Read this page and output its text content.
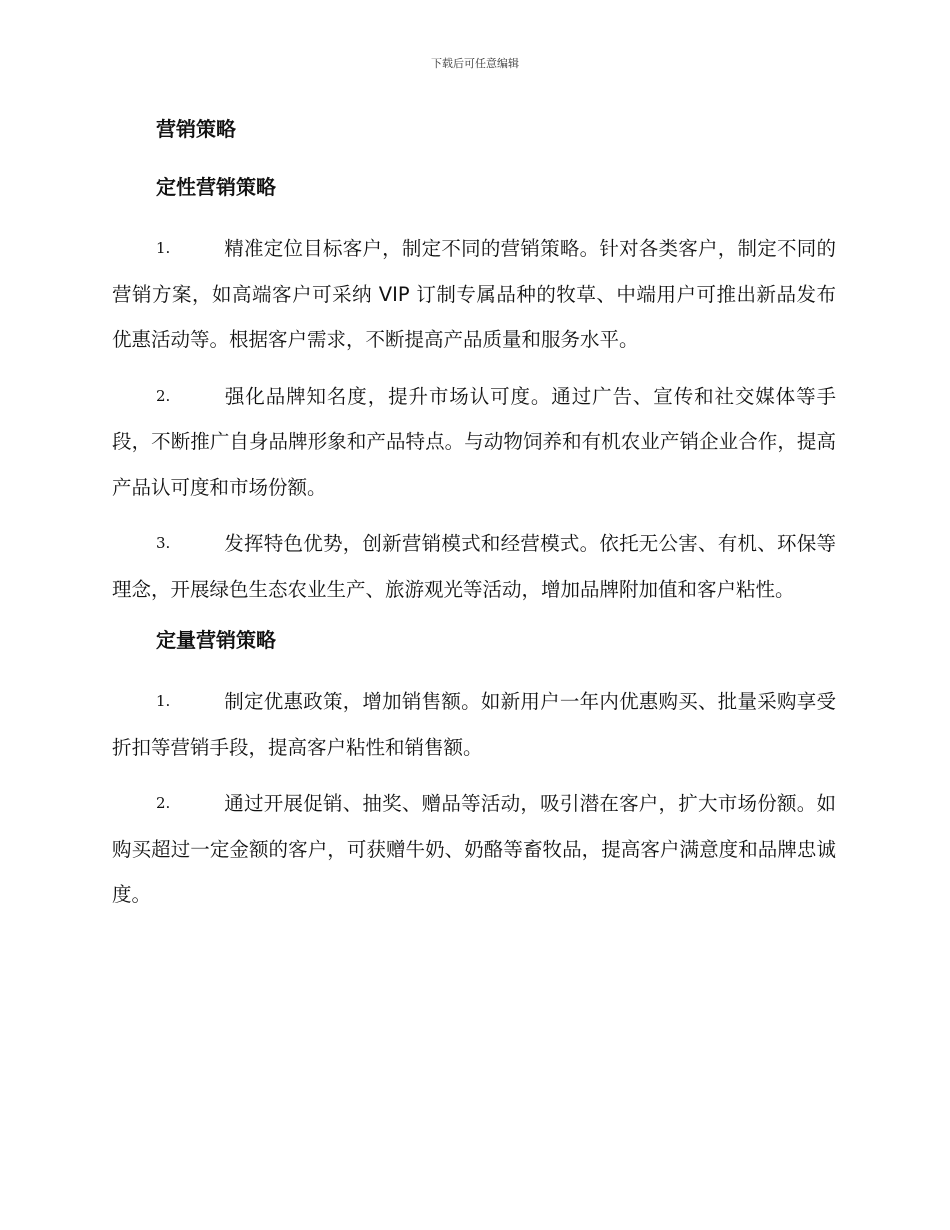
下载后可任意编辑
营销策略
定性营销策略

1.	精准定位目标客户，制定不同的营销策略。针对各类客户，制定不同的营销方案，如高端客户可采纳 VIP 订制专属品种的牧草、中端用户可推出新品发布优惠活动等。根据客户需求，不断提高产品质量和服务水平。

2.	强化品牌知名度，提升市场认可度。通过广告、宣传和社交媒体等手段，不断推广自身品牌形象和产品特点。与动物饲养和有机农业产销企业合作，提高产品认可度和市场份额。

3.	发挥特色优势，创新营销模式和经营模式。依托无公害、有机、环保等理念，开展绿色生态农业生产、旅游观光等活动，增加品牌附加值和客户粘性。

定量营销策略

1.	制定优惠政策，增加销售额。如新用户一年内优惠购买、批量采购享受折扣等营销手段，提高客户粘性和销售额。

2.	通过开展促销、抽奖、赠品等活动，吸引潜在客户，扩大市场份额。如购买超过一定金额的客户，可获赠牛奶、奶酪等畜牧品，提高客户满意度和品牌忠诚度。
